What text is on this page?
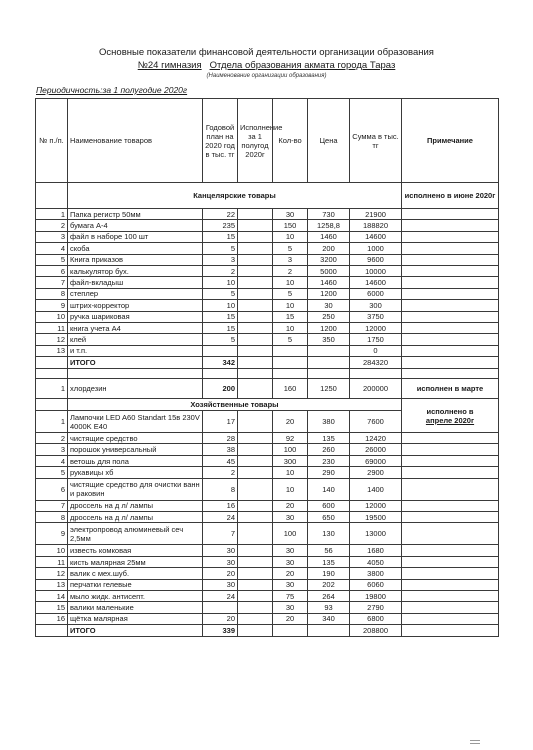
Основные показатели финансовой деятельности организации образования
№24 гимназия Отдела образования акмата города Тараз
(Наименование организации образования)
Периодичность:за 1 полугодие 2020г
№ п./п.	Наименование товаров	Годовой план на 2020 год в тыс. тг	Исполнение за 1 полугод 2020г	Кол-во	Цена	Сумма в тыс. тг	Примечание
	Канцелярские товары						исполнено в июне 2020г
1	Папка регистр 50мм	22		30	730	21900	
2	бумага А-4	235		150	1258,8	188820	
3	файл в наборе 100 шт	15		10	1460	14600	
4	скоба	5		5	200	1000	
5	Книга приказов	3		3	3200	9600	
6	калькулятор бух.	2		2	5000	10000	
7	файл-вкладыш	10		10	1460	14600	
8	степлер	5		5	1200	6000	
9	штрих-корректор	10		10	30	300	
10	ручка шариковая	15		15	250	3750	
11	книга учета А4	15		10	1200	12000	
12	клей	5		5	350	1750	
13	и т.п.					0	
	ИТОГО	342				284320	

1	хлордезин	200		160	1250	200000	исполнен в марте
	Хозяйственные товары						исполнено в
апреле 2020г

1	Лампочки LED A60 Standart 15в 230V 4000K E40	17		20	380	7600	
2	чистящие средство	28		92	135	12420	
3	порошок универсальный	38		100	260	26000	
4	ветошь для пола	45		300	230	69000	
5	рукавицы хб	2		10	290	2900	
6	чистящие средство для очистки ванн и раковин	8		10	140	1400	
7	дроссель на д л/ лампы	16		20	600	12000	
8	дроссель на д л/ лампы	24		30	650	19500	
9	электропровод алюминевый сеч 2,5мм	7		100	130	13000	
10	известь комковая	30		30	56	1680	
11	кисть малярная 25мм	30		30	135	4050	
12	валик с мех.шуб.	20		20	190	3800	
13	перчатки гелевые	30		30	202	6060	
14	мыло жидк. антисепт.	24		75	264	19800	
15	валики маленькие			30	93	2790	
16	щётка малярная	20		20	340	6800	
	ИТОГО	339				208800	
